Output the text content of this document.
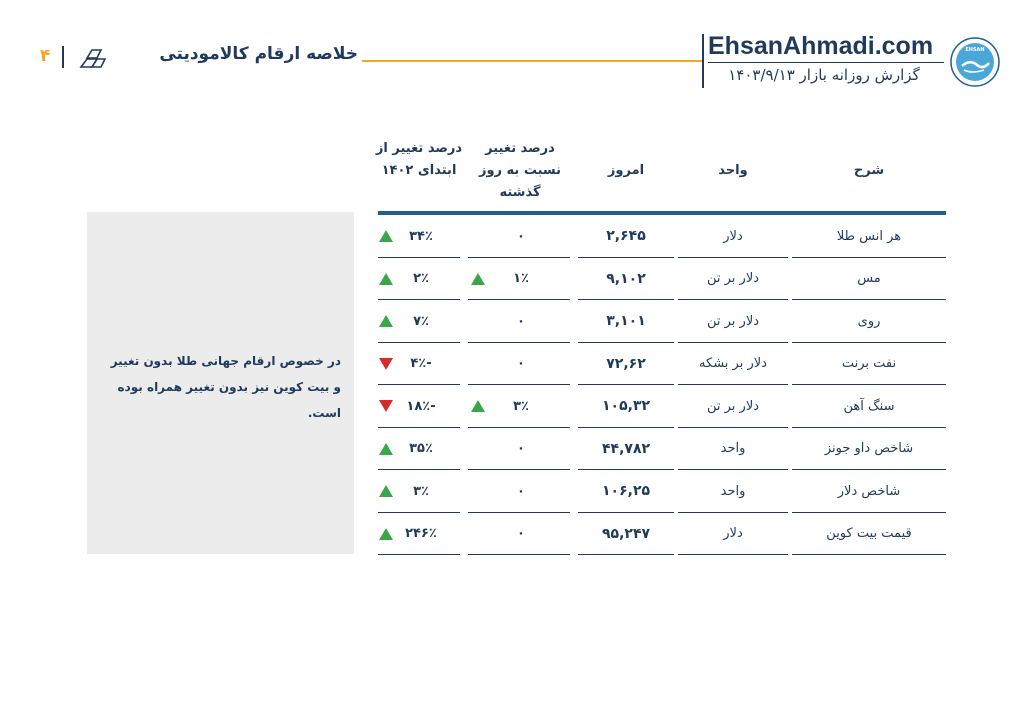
۴	خلاصه ارقام کالا‌مودیتی	EhsanAhmadi.com
گزارش روزانه بازار ۱۴۰۳/۹/۱۳
EHSAN
در خصوص ارقام جهانی طلا بدون تغییر و بیت کوین نیز بدون تغییر همراه بوده است.
شرح
واحد
امروز
درصد تغییر نسبت به روز گذشته
درصد تغییر از ابتدای ۱۴۰۲
هر انس طلا
دلار
۲,۶۴۵
۰
۳۴٪
مس
دلار بر تن
۹,۱۰۲
۱٪
۲٪
روی
دلار بر تن
۳,۱۰۱
۰
۷٪
نفت برنت
دلار بر بشکه
۷۲,۶۲
۰
-۴٪
سنگ آهن
دلار بر تن
۱۰۵,۳۲
۳٪
-۱۸٪
شاخص داو جونز
واحد
۴۴,۷۸۲
۰
۳۵٪
شاخص دلار
واحد
۱۰۶,۲۵
۰
۳٪
قیمت بیت کوین
دلار
۹۵,۲۴۷
۰
۲۴۶٪
